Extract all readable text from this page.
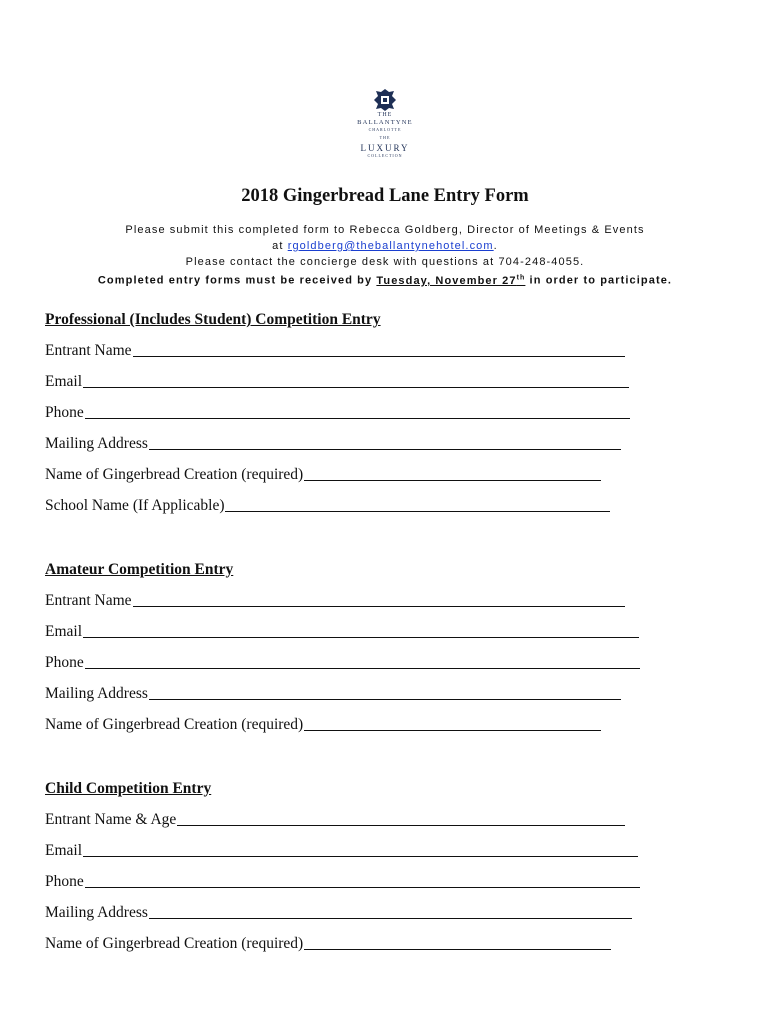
THE
BALLANTYNE
CHARLOTTE
THE
LUXURY
COLLECTION
2018 Gingerbread Lane Entry Form
Please submit this completed form to Rebecca Goldberg, Director of Meetings & Events
at rgoldberg@theballantynehotel.com.
Please contact the concierge desk with questions at 704-248-4055.
Completed entry forms must be received by Tuesday, November 27th in order to participate.
Professional (Includes Student) Competition Entry
Entrant Name
Email
Phone
Mailing Address
Name of Gingerbread Creation (required)
School Name (If Applicable)
Amateur Competition Entry
Entrant Name
Email
Phone
Mailing Address
Name of Gingerbread Creation (required)
Child Competition Entry
Entrant Name & Age
Email
Phone
Mailing Address
Name of Gingerbread Creation (required)
